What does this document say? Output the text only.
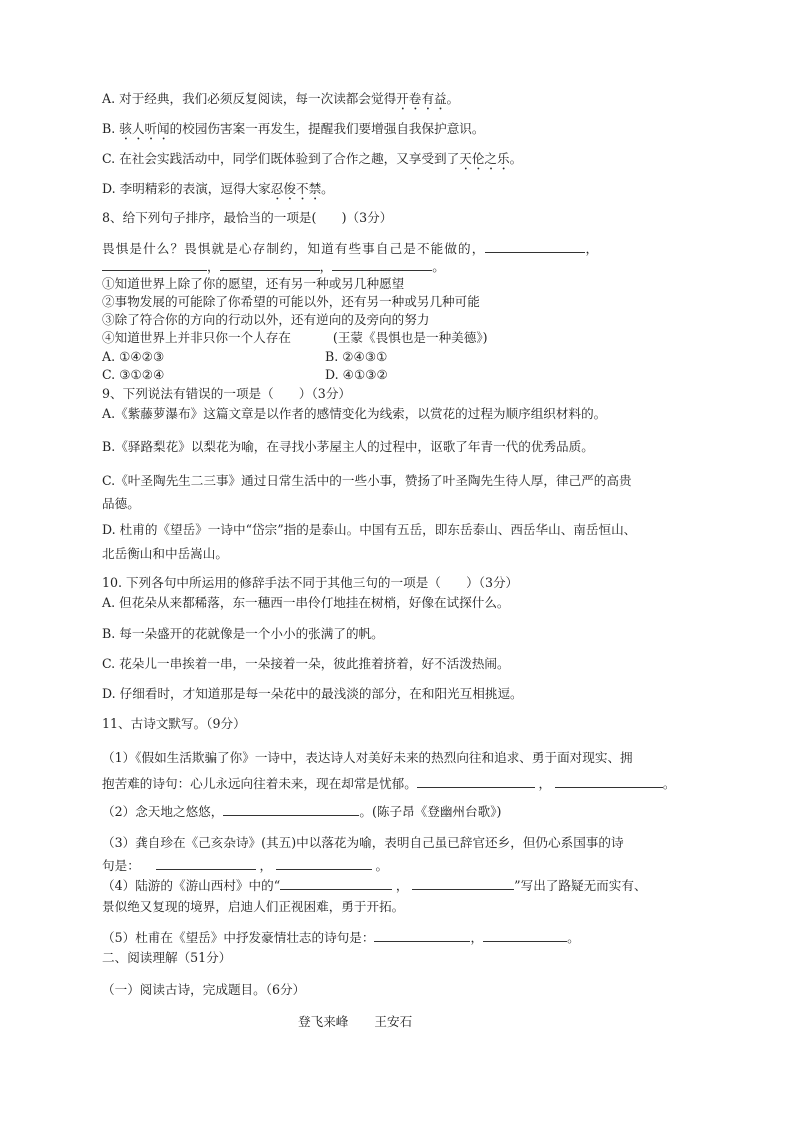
A. 对于经典，我们必须反复阅读，每一次读都会觉得开卷有益。
B. 骇人听闻的校园伤害案一再发生，提醒我们要增强自我保护意识。
C. 在社会实践活动中，同学们既体验到了合作之趣，又享受到了天伦之乐。
D. 李明精彩的表演，逗得大家忍俊不禁。
8、给下列句子排序，最恰当的一项是(　　)（3分）
畏惧是什么？畏惧就是心存制约，知道有些事自己是不能做的，	，
，	，	。
①知道世界上除了你的愿望，还有另一种或另几种愿望
②事物发展的可能除了你希望的可能以外，还有另一种或另几种可能
③除了符合你的方向的行动以外，还有逆向的及旁向的努力
④知道世界上并非只你一个人存在	(王蒙《畏惧也是一种美德》)
A. ①④②③	B. ②④③①
C. ③①②④	D. ④①③②
9、下列说法有错误的一项是（　　）（3分）
A.《紫藤萝瀑布》这篇文章是以作者的感情变化为线索，以赏花的过程为顺序组织材料的。
B.《驿路梨花》以梨花为喻，在寻找小茅屋主人的过程中，讴歌了年青一代的优秀品质。
C.《叶圣陶先生二三事》通过日常生活中的一些小事，赞扬了叶圣陶先生待人厚，律己严的高贵
品德。
D. 杜甫的《望岳》一诗中“岱宗”指的是泰山。中国有五岳，即东岳泰山、西岳华山、南岳恒山、
北岳衡山和中岳嵩山。
10. 下列各句中所运用的修辞手法不同于其他三句的一项是（　　）（3分）
A. 但花朵从来都稀落，东一穗西一串伶仃地挂在树梢，好像在试探什么。
B. 每一朵盛开的花就像是一个小小的张满了的帆。
C. 花朵儿一串挨着一串，一朵接着一朵，彼此推着挤着，好不活泼热闹。
D. 仔细看时，才知道那是每一朵花中的最浅淡的部分，在和阳光互相挑逗。
11、古诗文默写。（9分）
（1）《假如生活欺骗了你》一诗中，表达诗人对美好未来的热烈向往和追求、勇于面对现实、拥
抱苦难的诗句：心儿永远向往着未来，现在却常是忧郁。	，	。
（2）念天地之悠悠，	。(陈子昂《登幽州台歌》)
（3）龚自珍在《己亥杂诗》(其五)中以落花为喻，表明自己虽已辞官还乡，但仍心系国事的诗
句是：	，	。
（4）陆游的《游山西村》中的“	，	”写出了路疑无而实有、
景似绝又复现的境界，启迪人们正视困难，勇于开拓。
（5）杜甫在《望岳》中抒发豪情壮志的诗句是：	，	。
二、阅读理解（51分）
（一）阅读古诗，完成题目。（6分）
登飞来峰 王安石
